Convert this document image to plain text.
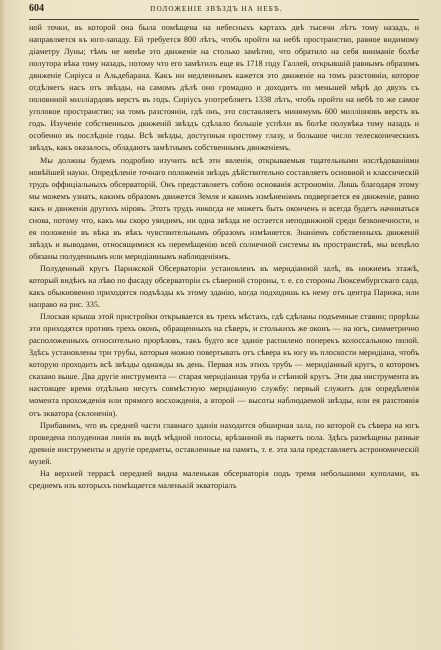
604	ПОЛОЖЕНІЕ ЗВѢЗДЪ НА НЕБѢ.

ной точки, въ которой она была помѣщена на небесныхъ картахъ двѣ тысячи лѣтъ тому назадъ, и направляется къ юго-западу. Ей требуется 800 лѣтъ, чтобъ пройти на небѣ пространство, равное видимому діаметру Луны; тѣмъ не менѣе это движеніе на столько замѣтно, что обратило на себя вниманіе болѣе полутора вѣка тому назадъ, потому что его замѣтилъ еще въ 1718 году Галлей, открывшій равнымъ образомъ движеніе Сиріуса и Альдебарана. Какъ ни медленнымъ кажется это движеніе на томъ разстояніи, которое отдѣляетъ насъ отъ звѣзды, на самомъ дѣлѣ оно громадно и доходитъ по меньшей мѣрѣ до двухъ съ половиной милліардовъ верстъ въ годъ. Сиріусъ употребляетъ 1338 лѣтъ, чтобъ пройти на небѣ то же самое уголовое пространство; на томъ разстояніи, гдѣ онъ, это составляетъ минимумъ 600 милліоновъ верстъ въ годъ. Изученіе собственныхъ движеній звѣздъ сдѣлало большіе успѣхи въ болѣе полувѣка тому назадъ и особенно въ послѣдніе годы. Всѣ звѣзды, доступныя простому глазу, и большое число телескопическихъ звѣздъ, какъ оказалось, обладаютъ замѣтнымъ собственнымъ движеніемъ.

Мы должны будемъ подробно изучить всѣ эти явленія, открываемыя тщательными изслѣдованіями новѣйшей науки. Опредѣленіе точнаго положенія звѣздъ дѣйствительно составляетъ основной и классическій трудъ оффиціальныхъ обсерваторій. Онъ представляетъ собою основанія астрономіи. Лишь благодаря этому мы можемъ узнать, какимъ образомъ движется Земля и какимъ измѣненіямъ подвергается ея движеніе, равно какъ и движенія другихъ міровъ. Этотъ трудъ никогда не можетъ быть оконченъ и всегда будетъ начинаться снова, потому что, какъ мы скоро увидимъ, ни одна звѣзда не остается неподвижной среди безконечности, и ея положеніе въ вѣка въ вѣкъ чувствительнымъ образомъ измѣняется. Знаніемъ собственныхъ движеній звѣздъ и выводами, относящимися къ перемѣщенію всей солнечной системы въ пространствѣ, мы всецѣло обязаны полуденнымъ или меридіаннымъ наблюденіямъ.

Полуденный кругъ Парижской Обсерваторіи установленъ въ меридіанной залѣ, въ нижнемъ этажѣ, который видѣнъ на лѣво по фасаду обсерваторіи съ сѣверной стороны, т. е. со стороны Люксембургскаго сада, какъ обыкновенно приходятся подъѣзды къ этому зданію, когда подходишь къ нему отъ центра Парижа, или направо на рис. 335.

Плоская крыша этой пристройки открывается въ трехъ мѣстахъ, гдѣ сдѣланы подъемные ставни; прорѣзы эти приходятся противъ трехъ оконъ, обращенныхъ на сѣверъ, и столькихъ же оконъ — на югъ, симметрично расположенныхъ относительно прорѣзовъ, такъ будто все зданіе распилено поперекъ колоссальною пилой. Здѣсь установлены три трубы, которыя можно повертывать отъ сѣвера къ югу въ плоскости меридіана, чтобъ которую проходить всѣ звѣзды однажды въ день. Первая изъ этихъ трубъ — меридіанный кругъ, о которомъ сказано выше. Два другіе инструмента — старая меридіанная труба и стѣнной кругъ. Эти два инструмента въ настоящее время отдѣльно несутъ совмѣстную меридіанную службу: первый служитъ для опредѣленія момента прохожденія или прямого восхожденія, а второй — высоты наблюдаемой звѣзды, или ея разстоянія отъ экватора (склоненія).

Прибавимъ, что въ средней части главнаго зданія находится обширная зала, по которой съ сѣвера на югъ проведена полуденная линія въ видѣ мѣдной полосы, врѣзанной въ паркетъ пола. Здѣсь размѣщены разные древніе инструменты и другіе предметы, оставленные на память, т. е. эта зала представляетъ астрономическій музей.

На верхней террасѣ передней видна маленькая обсерваторія подъ тремя небольшими куполами, въ среднемъ изъ которыхъ помѣщается маленькій экваторіалъ
